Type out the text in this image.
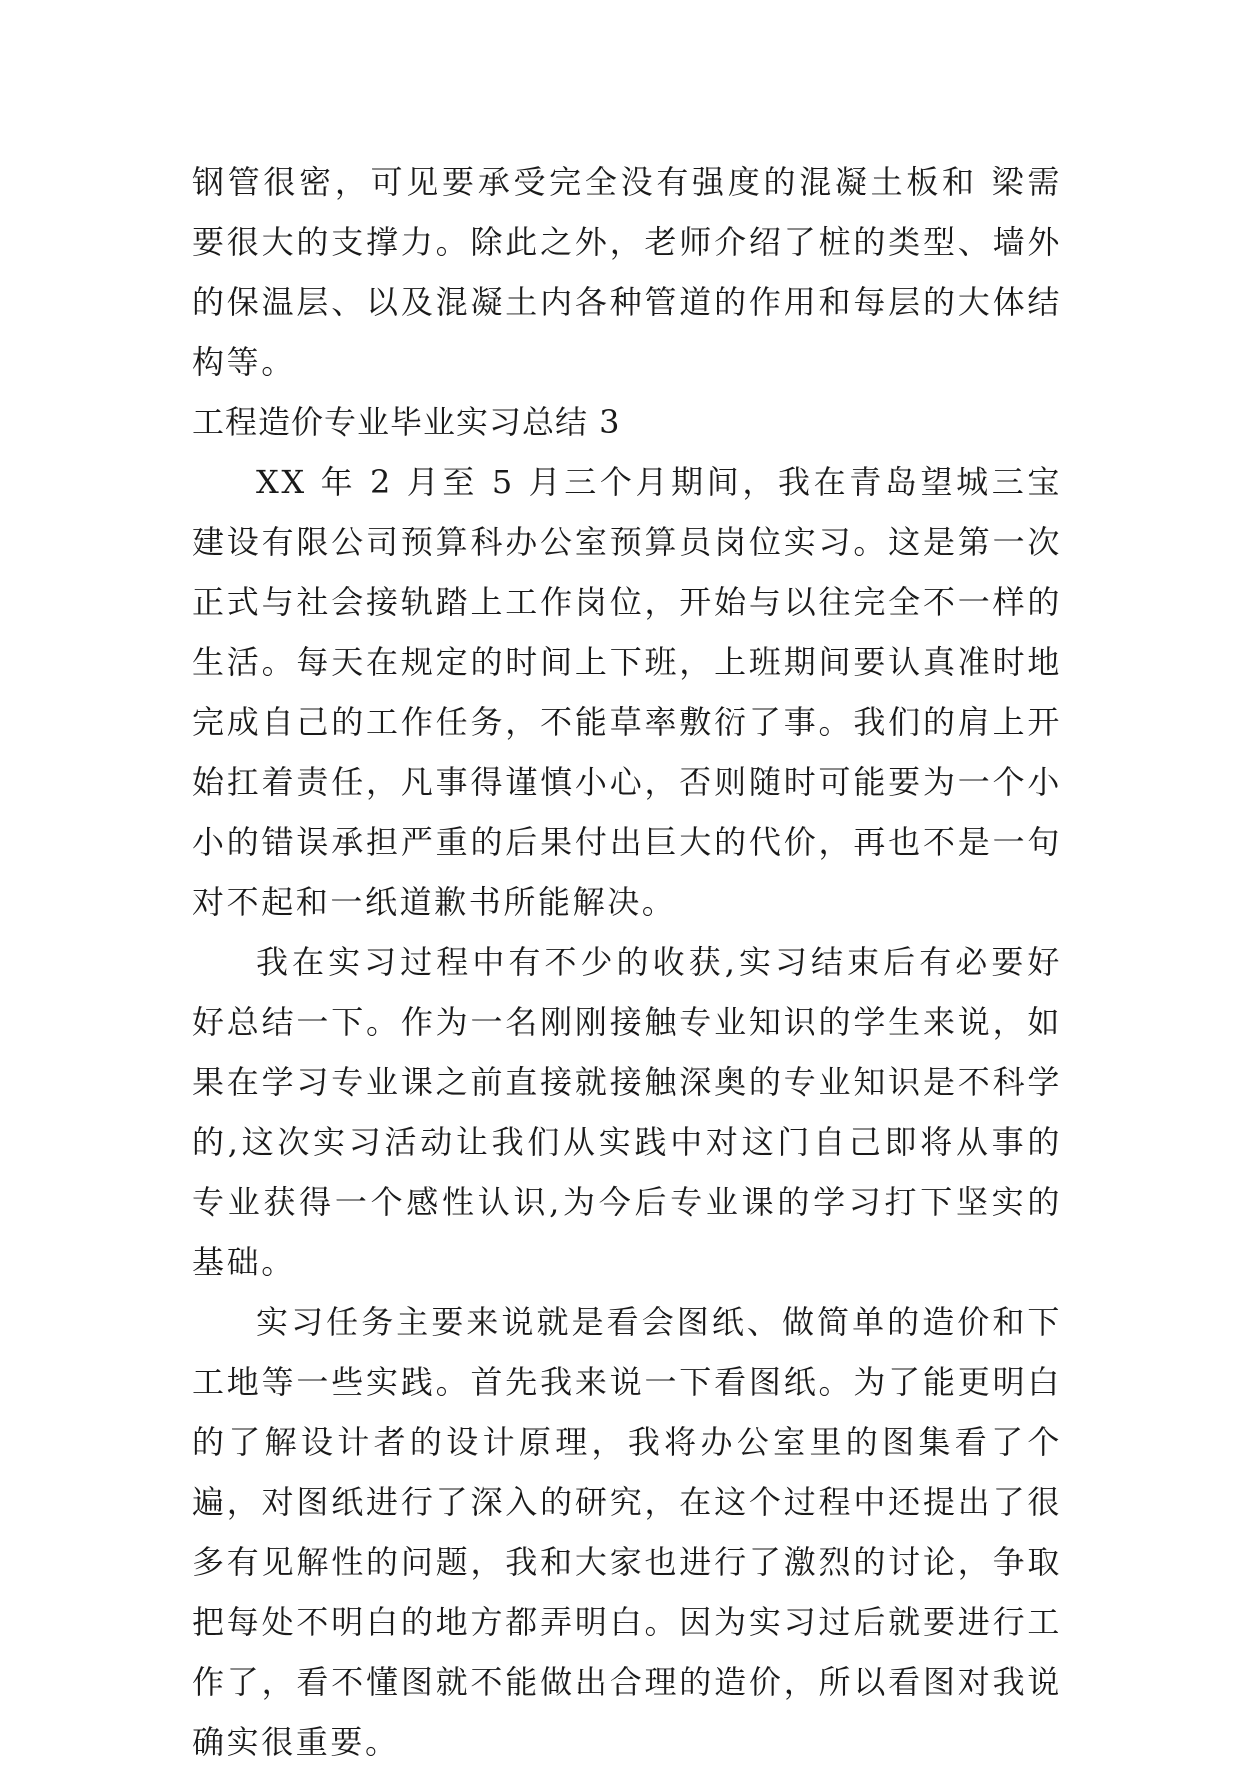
钢管很密，可见要承受完全没有强度的混凝土板和 梁需要很大的支撑力。除此之外，老师介绍了桩的类型、墙外的保温层、以及混凝土内各种管道的作用和每层的大体结构等。

工程造价专业毕业实习总结 3

XX 年 2 月至 5 月三个月期间，我在青岛望城三宝建设有限公司预算科办公室预算员岗位实习。这是第一次正式与社会接轨踏上工作岗位，开始与以往完全不一样的生活。每天在规定的时间上下班，上班期间要认真准时地完成自己的工作任务，不能草率敷衍了事。我们的肩上开始扛着责任，凡事得谨慎小心，否则随时可能要为一个小小的错误承担严重的后果付出巨大的代价，再也不是一句对不起和一纸道歉书所能解决。

我在实习过程中有不少的收获,实习结束后有必要好好总结一下。作为一名刚刚接触专业知识的学生来说，如果在学习专业课之前直接就接触深奥的专业知识是不科学的,这次实习活动让我们从实践中对这门自己即将从事的专业获得一个感性认识,为今后专业课的学习打下坚实的基础。

实习任务主要来说就是看会图纸、做简单的造价和下工地等一些实践。首先我来说一下看图纸。为了能更明白的了解设计者的设计原理，我将办公室里的图集看了个遍，对图纸进行了深入的研究，在这个过程中还提出了很多有见解性的问题，我和大家也进行了激烈的讨论，争取把每处不明白的地方都弄明白。因为实习过后就要进行工作了，看不懂图就不能做出合理的造价，所以看图对我说确实很重要。
